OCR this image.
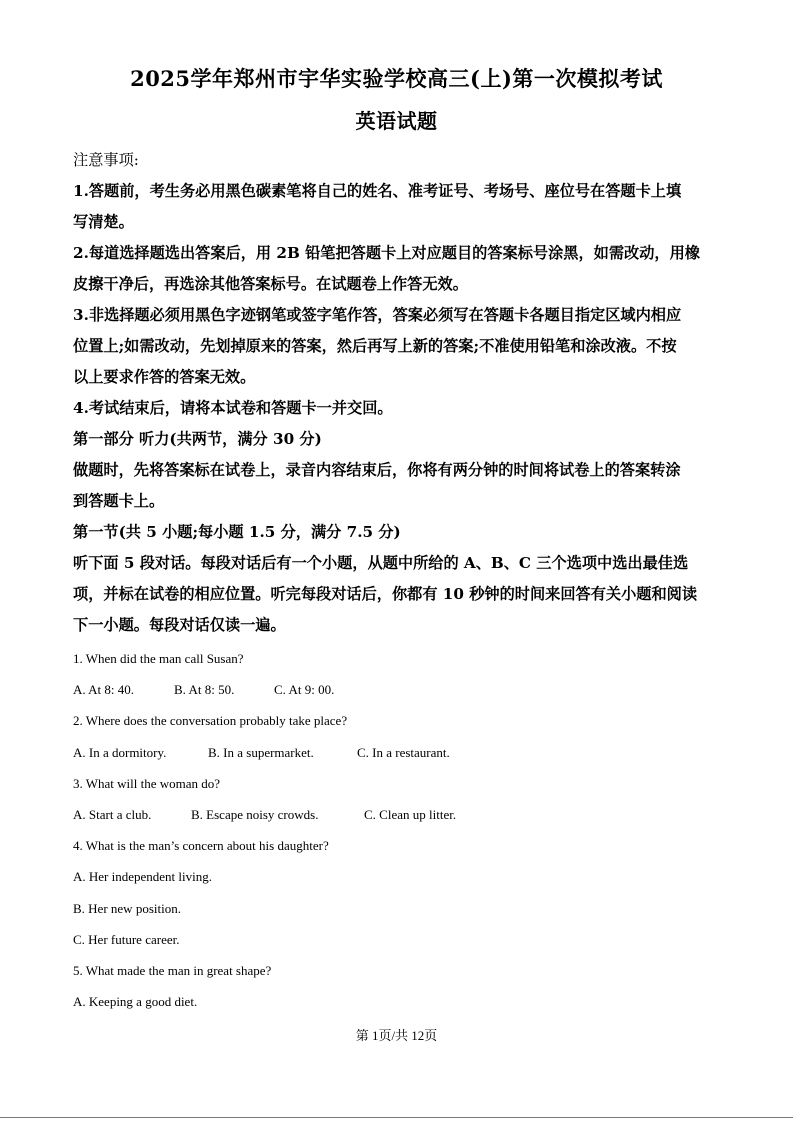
2025学年郑州市宇华实验学校高三(上)第一次模拟考试
英语试题
注意事项:
1.答题前，考生务必用黑色碳素笔将自己的姓名、准考证号、考场号、座位号在答题卡上填
写清楚。
2.每道选择题选出答案后，用 2B 铅笔把答题卡上对应题目的答案标号涂黑，如需改动，用橡
皮擦干净后，再选涂其他答案标号。在试题卷上作答无效。
3.非选择题必须用黑色字迹钢笔或签字笔作答，答案必须写在答题卡各题目指定区域内相应
位置上;如需改动，先划掉原来的答案，然后再写上新的答案;不准使用铅笔和涂改液。不按
以上要求作答的答案无效。
4.考试结束后，请将本试卷和答题卡一并交回。
第一部分 听力(共两节，满分 30 分)
做题时，先将答案标在试卷上，录音内容结束后，你将有两分钟的时间将试卷上的答案转涂
到答题卡上。
第一节(共 5 小题;每小题 1.5 分，满分 7.5 分)
听下面 5 段对话。每段对话后有一个小题，从题中所给的 A、B、C 三个选项中选出最佳选
项，并标在试卷的相应位置。听完每段对话后，你都有 10 秒钟的时间来回答有关小题和阅读
下一小题。每段对话仅读一遍。
1. When did the man call Susan?
A. At 8: 40.	B. At 8: 50.	C. At 9: 00.
2. Where does the conversation probably take place?
A. In a dormitory.	B. In a supermarket.	C. In a restaurant.
3. What will the woman do?
A. Start a club.	B. Escape noisy crowds.	C. Clean up litter.
4. What is the man’s concern about his daughter?
A. Her independent living.
B. Her new position.
C. Her future career.
5. What made the man in great shape?
A. Keeping a good diet.
第 1页/共 12页
